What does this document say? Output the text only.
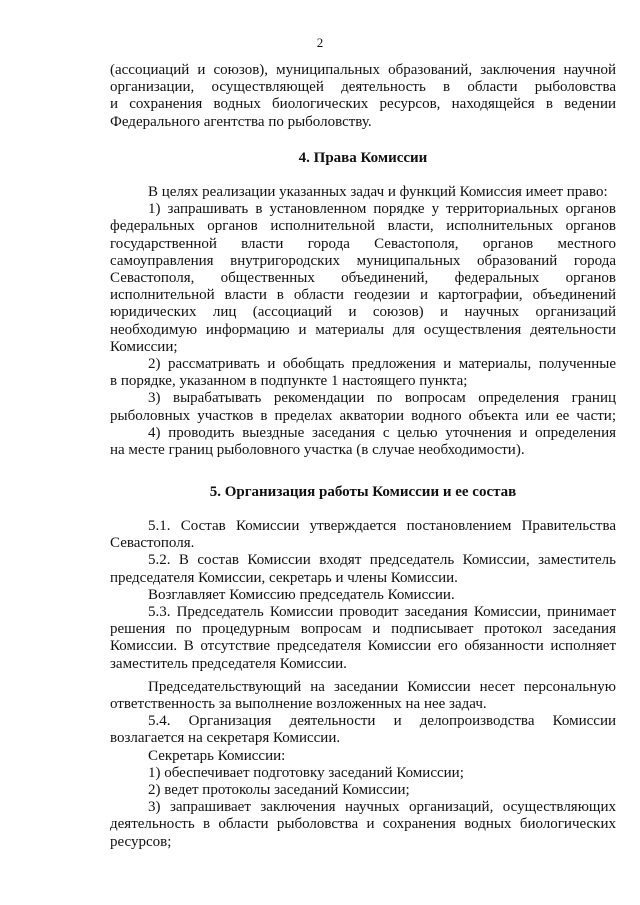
2
(ассоциаций и союзов), муниципальных образований, заключения научной
организации, осуществляющей деятельность в области рыболовства
и сохранения водных биологических ресурсов, находящейся в ведении
Федерального агентства по рыболовству.
4. Права Комиссии
В целях реализации указанных задач и функций Комиссия имеет право:
1) запрашивать в установленном порядке у территориальных органов
федеральных органов исполнительной власти, исполнительных органов
государственной власти города Севастополя, органов местного
самоуправления внутригородских муниципальных образований города
Севастополя, общественных объединений, федеральных органов
исполнительной власти в области геодезии и картографии, объединений
юридических лиц (ассоциаций и союзов) и научных организаций
необходимую информацию и материалы для осуществления деятельности
Комиссии;
2) рассматривать и обобщать предложения и материалы, полученные
в порядке, указанном в подпункте 1 настоящего пункта;
3) вырабатывать рекомендации по вопросам определения границ
рыболовных участков в пределах акватории водного объекта или ее части;
4) проводить выездные заседания с целью уточнения и определения
на месте границ рыболовного участка (в случае необходимости).
5. Организация работы Комиссии и ее состав
5.1. Состав Комиссии утверждается постановлением Правительства
Севастополя.
5.2. В состав Комиссии входят председатель Комиссии, заместитель
председателя Комиссии, секретарь и члены Комиссии.
Возглавляет Комиссию председатель Комиссии.
5.3. Председатель Комиссии проводит заседания Комиссии, принимает
решения по процедурным вопросам и подписывает протокол заседания
Комиссии. В отсутствие председателя Комиссии его обязанности исполняет
заместитель председателя Комиссии.
Председательствующий на заседании Комиссии несет персональную
ответственность за выполнение возложенных на нее задач.
5.4. Организация деятельности и делопроизводства Комиссии
возлагается на секретаря Комиссии.
Секретарь Комиссии:
1) обеспечивает подготовку заседаний Комиссии;
2) ведет протоколы заседаний Комиссии;
3) запрашивает заключения научных организаций, осуществляющих
деятельность в области рыболовства и сохранения водных биологических
ресурсов;
